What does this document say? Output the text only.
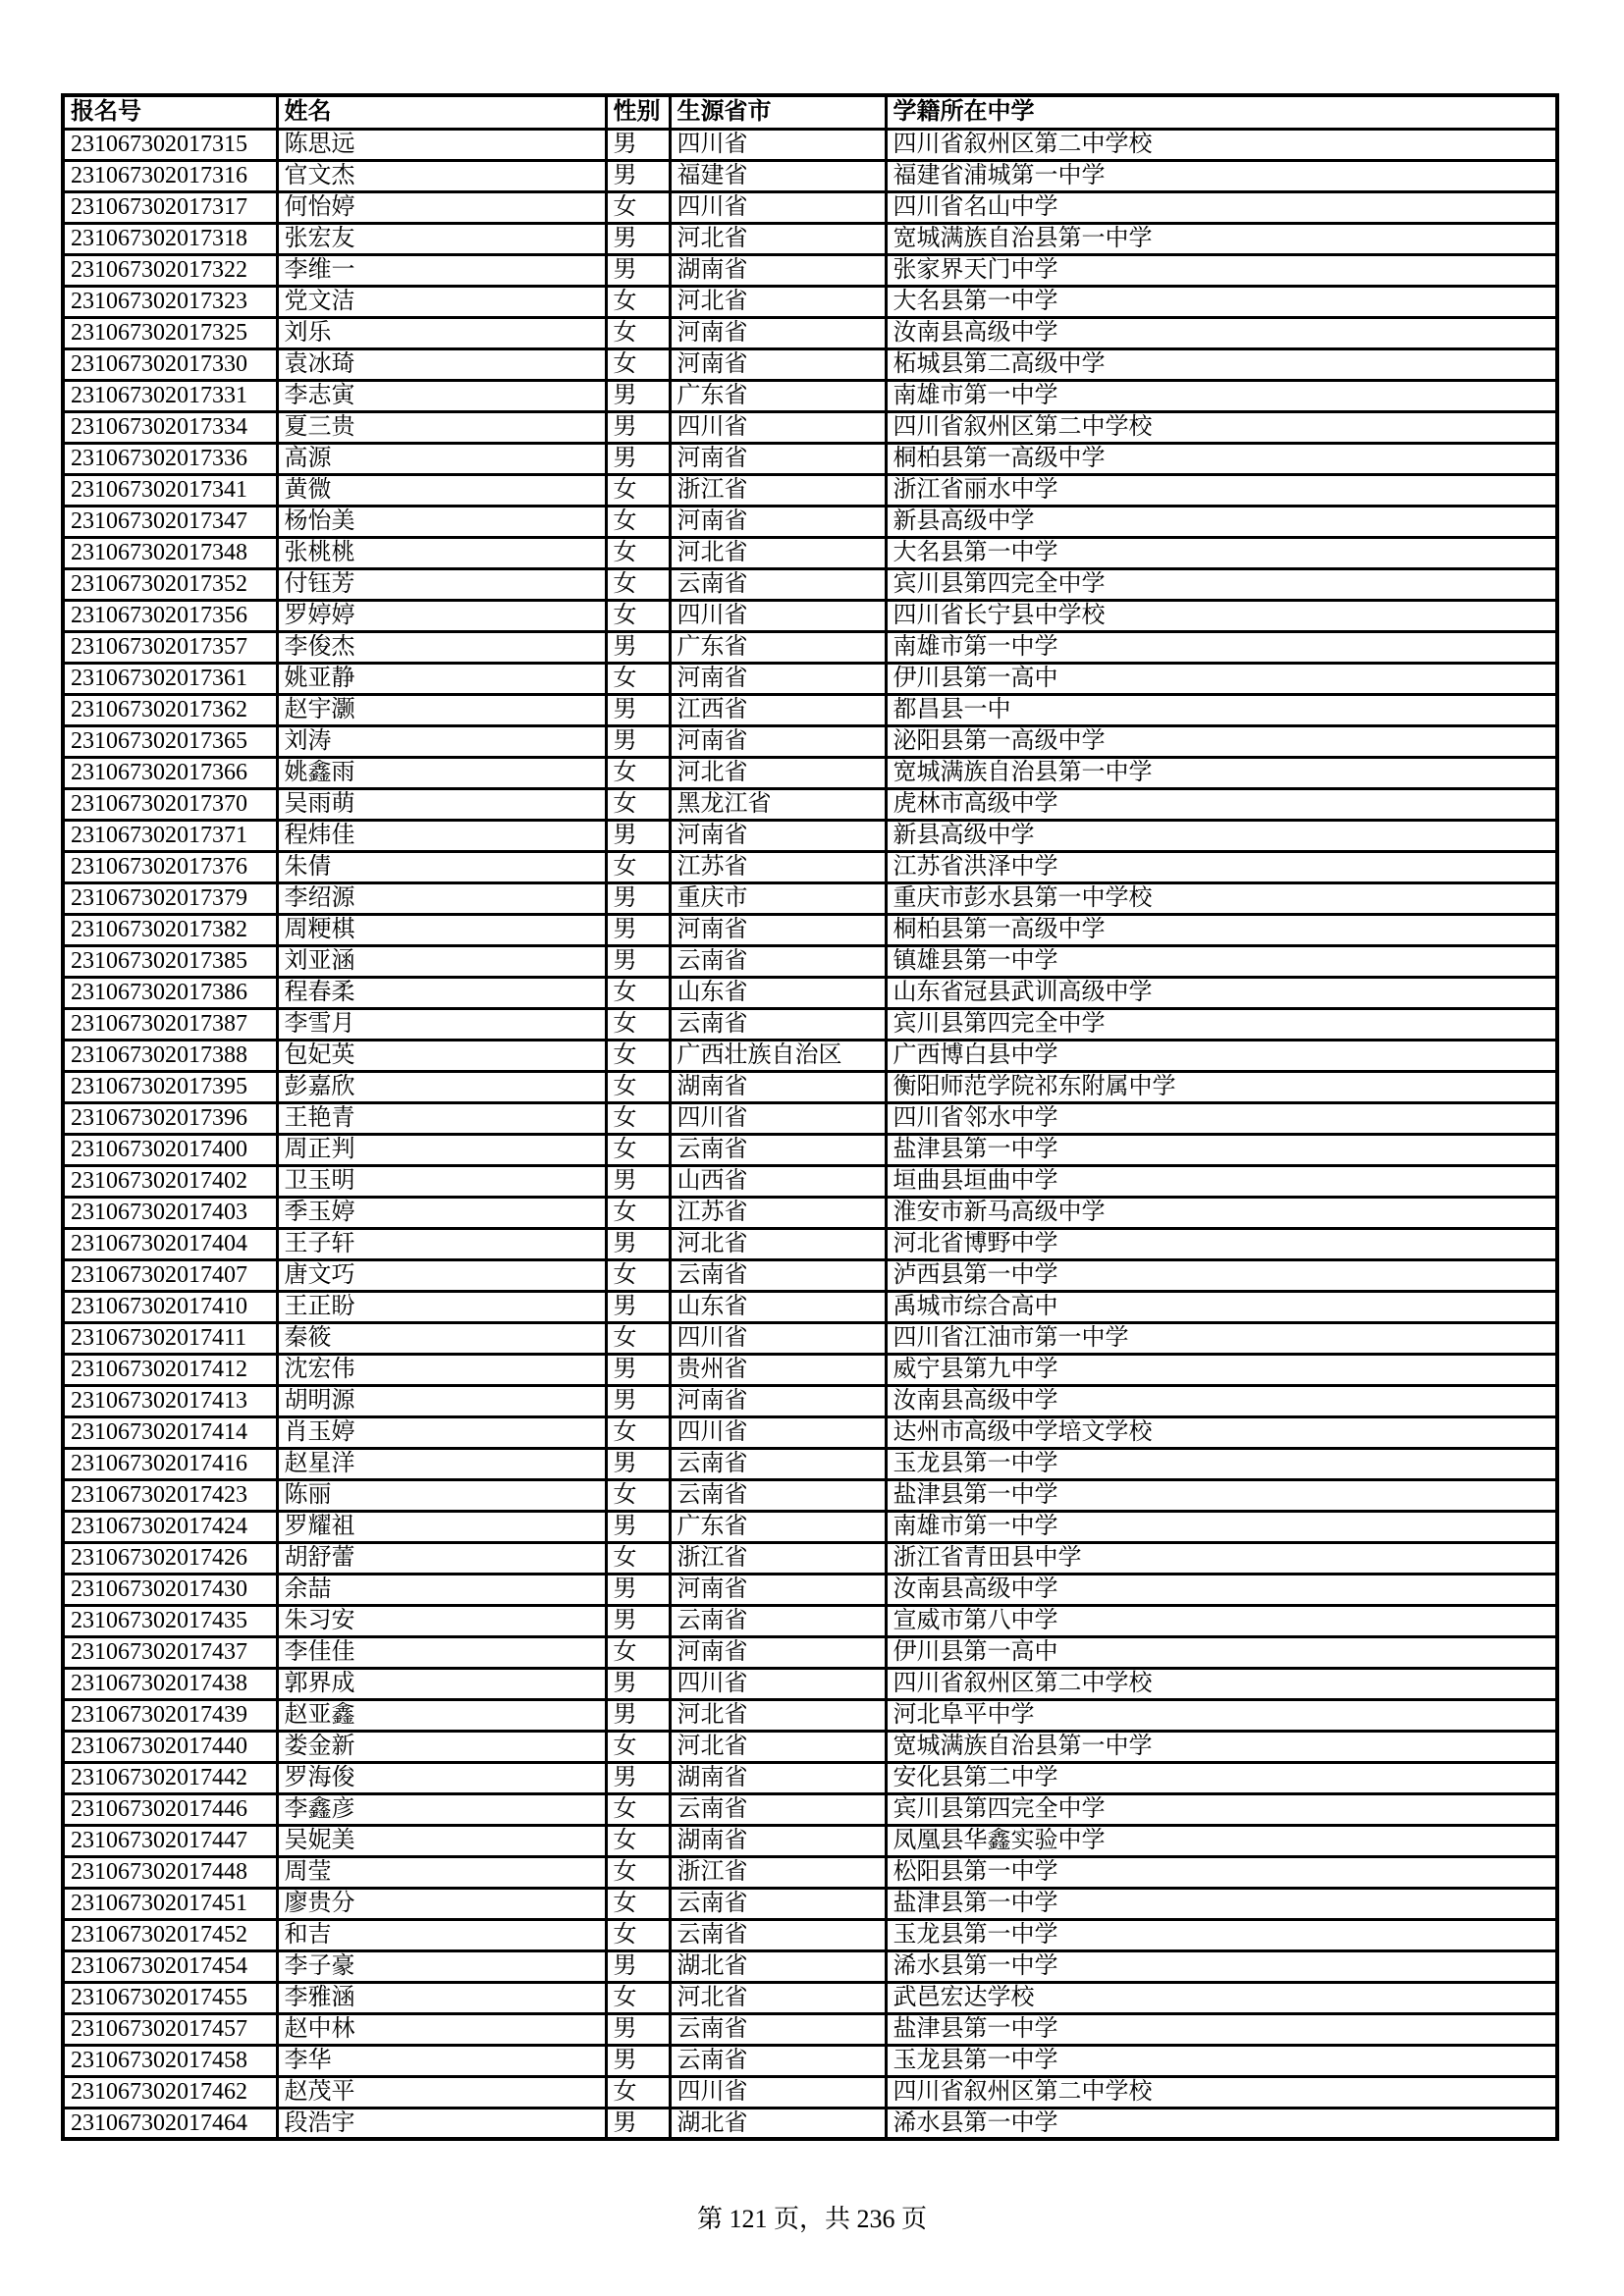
报名号	姓名	性别	生源省市	学籍所在中学
231067302017315	陈思远	男	四川省	四川省叙州区第二中学校
231067302017316	官文杰	男	福建省	福建省浦城第一中学
231067302017317	何怡婷	女	四川省	四川省名山中学
231067302017318	张宏友	男	河北省	宽城满族自治县第一中学
231067302017322	李维一	男	湖南省	张家界天门中学
231067302017323	党文洁	女	河北省	大名县第一中学
231067302017325	刘乐	女	河南省	汝南县高级中学
231067302017330	袁冰琦	女	河南省	柘城县第二高级中学
231067302017331	李志寅	男	广东省	南雄市第一中学
231067302017334	夏三贵	男	四川省	四川省叙州区第二中学校
231067302017336	高源	男	河南省	桐柏县第一高级中学
231067302017341	黄微	女	浙江省	浙江省丽水中学
231067302017347	杨怡美	女	河南省	新县高级中学
231067302017348	张桃桃	女	河北省	大名县第一中学
231067302017352	付钰芳	女	云南省	宾川县第四完全中学
231067302017356	罗婷婷	女	四川省	四川省长宁县中学校
231067302017357	李俊杰	男	广东省	南雄市第一中学
231067302017361	姚亚静	女	河南省	伊川县第一高中
231067302017362	赵宇灏	男	江西省	都昌县一中
231067302017365	刘涛	男	河南省	泌阳县第一高级中学
231067302017366	姚鑫雨	女	河北省	宽城满族自治县第一中学
231067302017370	吴雨萌	女	黑龙江省	虎林市高级中学
231067302017371	程炜佳	男	河南省	新县高级中学
231067302017376	朱倩	女	江苏省	江苏省洪泽中学
231067302017379	李绍源	男	重庆市	重庆市彭水县第一中学校
231067302017382	周粳棋	男	河南省	桐柏县第一高级中学
231067302017385	刘亚涵	男	云南省	镇雄县第一中学
231067302017386	程春柔	女	山东省	山东省冠县武训高级中学
231067302017387	李雪月	女	云南省	宾川县第四完全中学
231067302017388	包妃英	女	广西壮族自治区	广西博白县中学
231067302017395	彭嘉欣	女	湖南省	衡阳师范学院祁东附属中学
231067302017396	王艳青	女	四川省	四川省邻水中学
231067302017400	周正判	女	云南省	盐津县第一中学
231067302017402	卫玉明	男	山西省	垣曲县垣曲中学
231067302017403	季玉婷	女	江苏省	淮安市新马高级中学
231067302017404	王子轩	男	河北省	河北省博野中学
231067302017407	唐文巧	女	云南省	泸西县第一中学
231067302017410	王正盼	男	山东省	禹城市综合高中
231067302017411	秦筱	女	四川省	四川省江油市第一中学
231067302017412	沈宏伟	男	贵州省	威宁县第九中学
231067302017413	胡明源	男	河南省	汝南县高级中学
231067302017414	肖玉婷	女	四川省	达州市高级中学培文学校
231067302017416	赵星洋	男	云南省	玉龙县第一中学
231067302017423	陈丽	女	云南省	盐津县第一中学
231067302017424	罗耀祖	男	广东省	南雄市第一中学
231067302017426	胡舒蕾	女	浙江省	浙江省青田县中学
231067302017430	余喆	男	河南省	汝南县高级中学
231067302017435	朱习安	男	云南省	宣威市第八中学
231067302017437	李佳佳	女	河南省	伊川县第一高中
231067302017438	郭界成	男	四川省	四川省叙州区第二中学校
231067302017439	赵亚鑫	男	河北省	河北阜平中学
231067302017440	娄金新	女	河北省	宽城满族自治县第一中学
231067302017442	罗海俊	男	湖南省	安化县第二中学
231067302017446	李鑫彦	女	云南省	宾川县第四完全中学
231067302017447	吴妮美	女	湖南省	凤凰县华鑫实验中学
231067302017448	周莹	女	浙江省	松阳县第一中学
231067302017451	廖贵分	女	云南省	盐津县第一中学
231067302017452	和吉	女	云南省	玉龙县第一中学
231067302017454	李子豪	男	湖北省	浠水县第一中学
231067302017455	李雅涵	女	河北省	武邑宏达学校
231067302017457	赵中林	男	云南省	盐津县第一中学
231067302017458	李华	男	云南省	玉龙县第一中学
231067302017462	赵茂平	女	四川省	四川省叙州区第二中学校
231067302017464	段浩宇	男	湖北省	浠水县第一中学
第 121 页，共 236 页
